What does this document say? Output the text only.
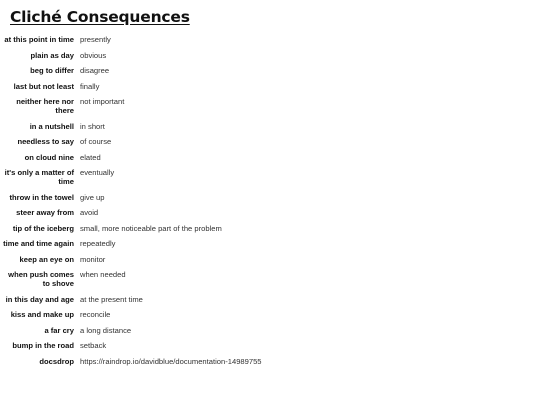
Cliché Consequences
at this point in time presently
plain as day obvious
beg to differ disagree
last but not least finally
neither here nor there
not important
in a nutshell in short
needless to say of course
on cloud nine elated
it's only a matter of time
eventually
throw in the towel give up
steer away from avoid
tip of the iceberg small, more noticeable part of the problem
time and time again repeatedly
keep an eye on monitor
when push comes to shove
when needed
in this day and age at the present time
kiss and make up reconcile
a far cry a long distance
bump in the road setback
docsdrop https://raindrop.io/davidblue/documentation-14989755
